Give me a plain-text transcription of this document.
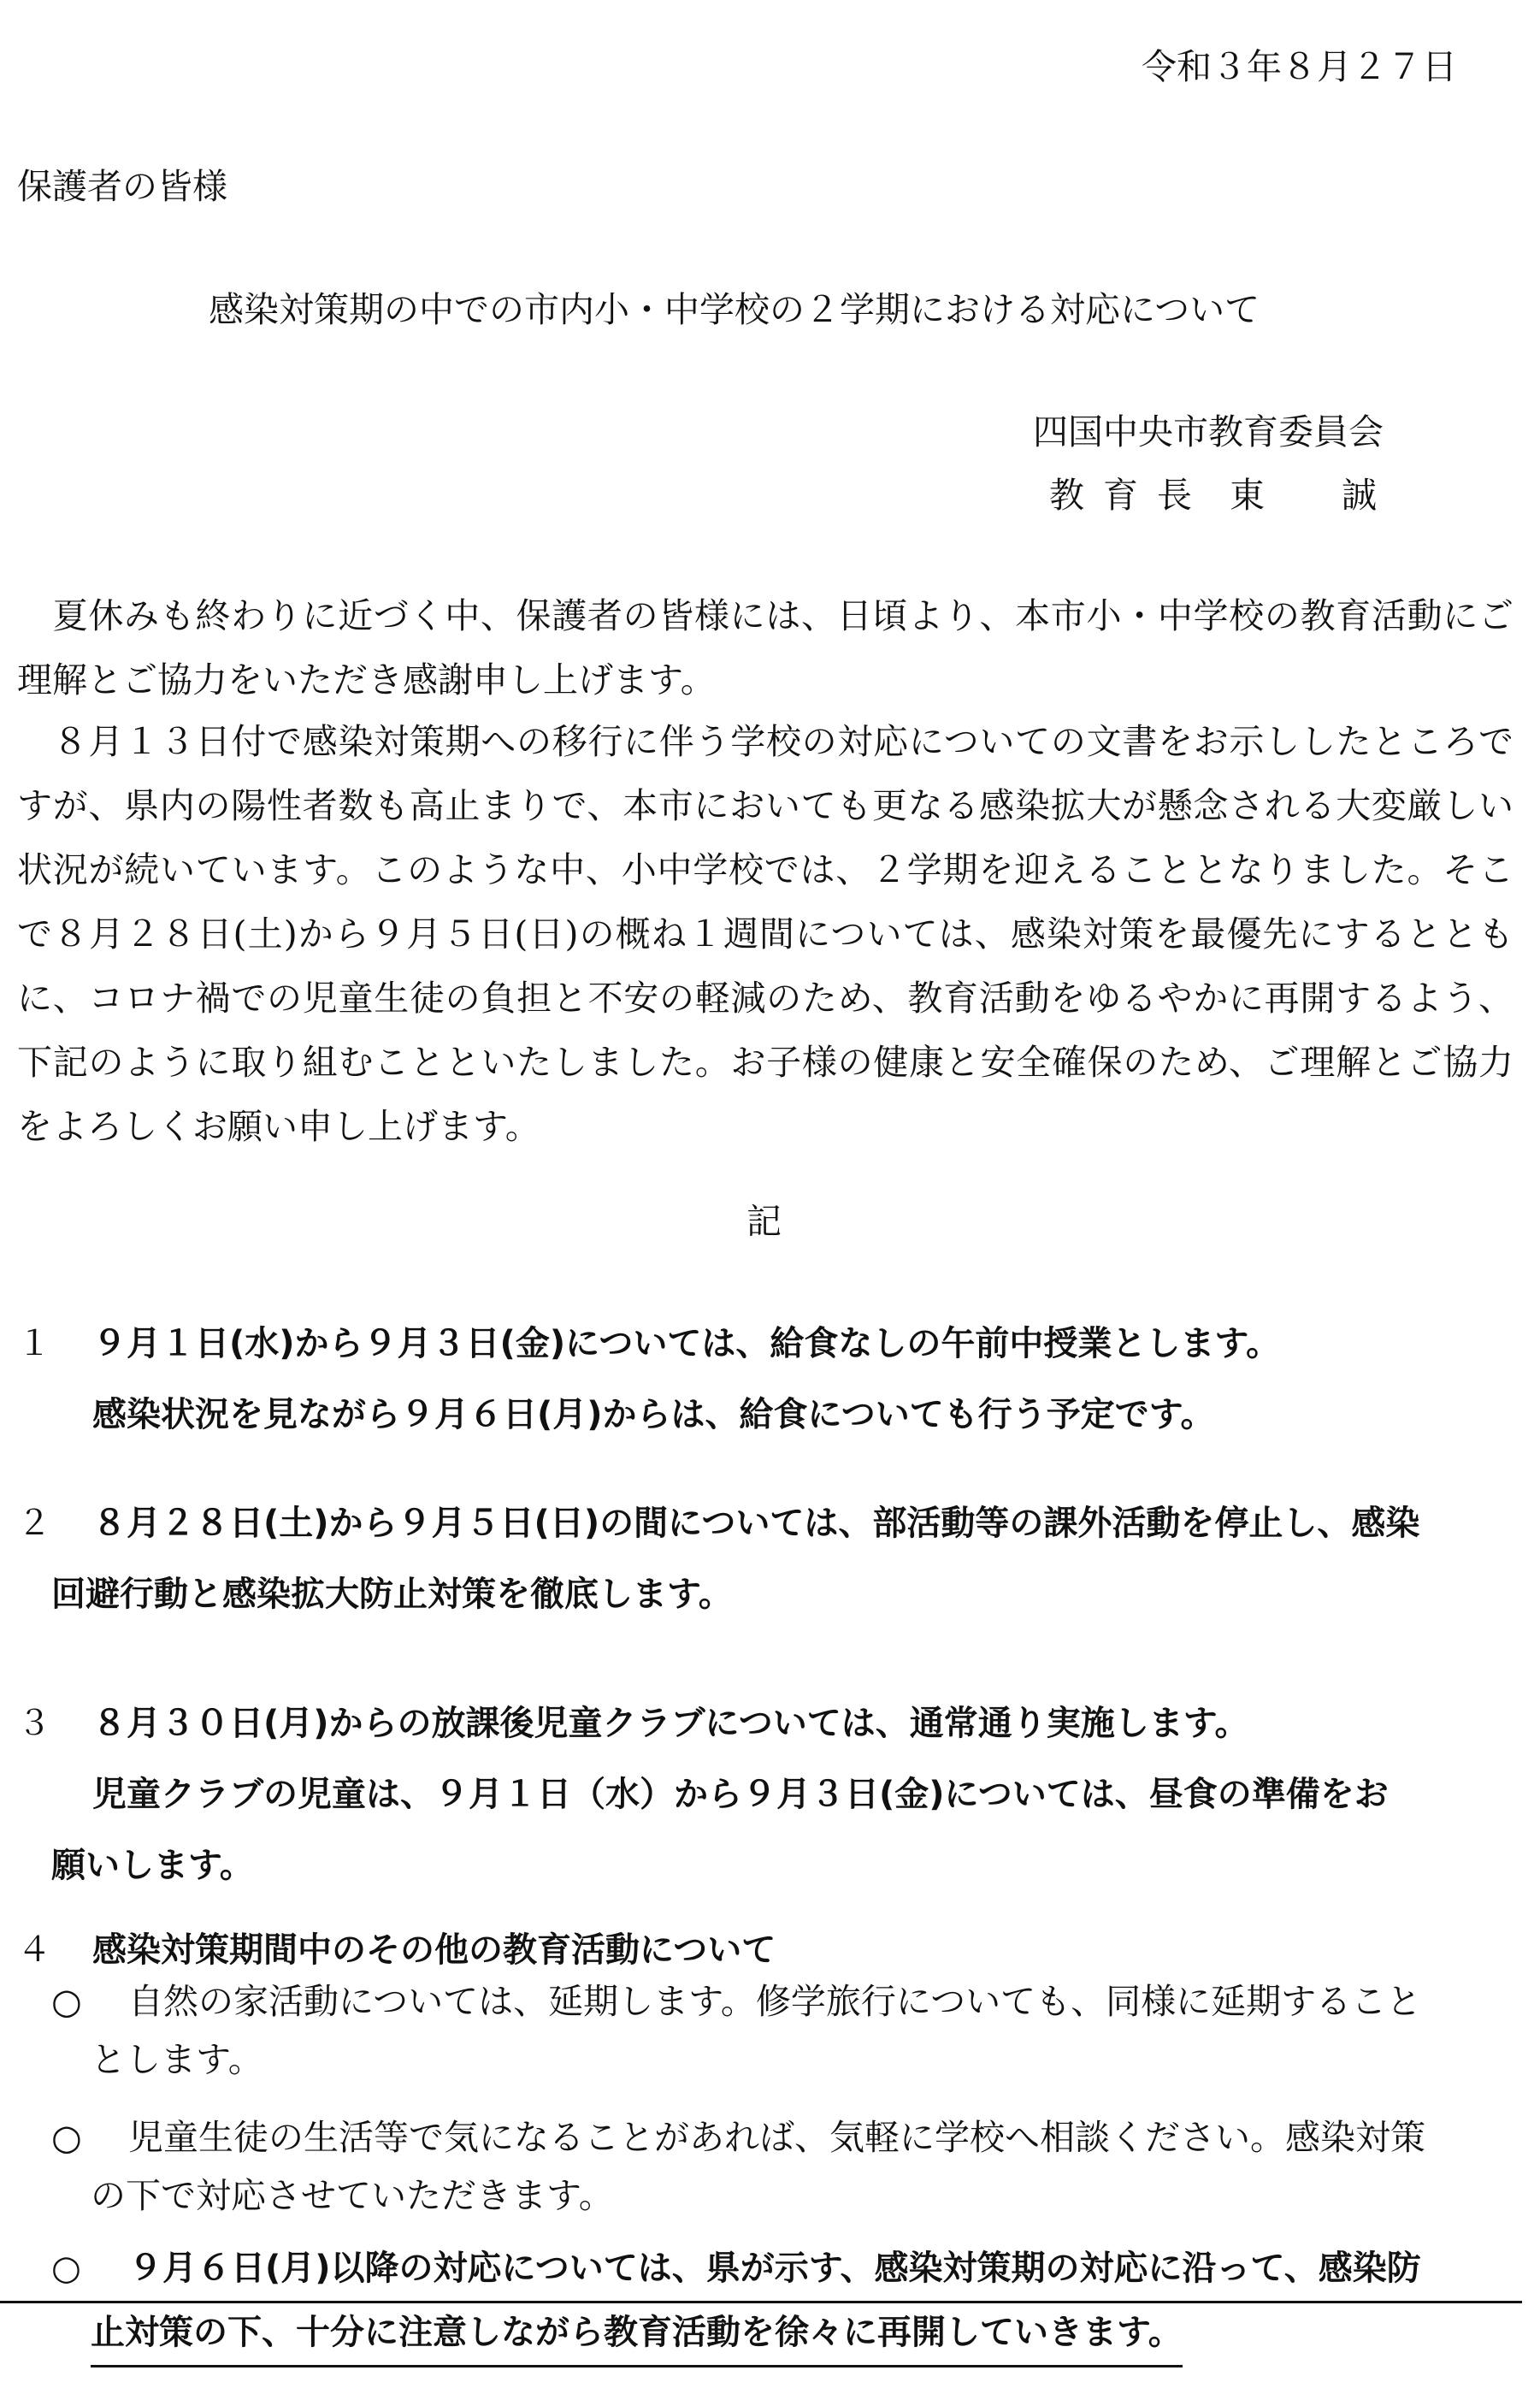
令和３年８月２７日
保護者の皆様
感染対策期の中での市内小・中学校の２学期における対応について
四国中央市教育委員会
教育長 東 誠
夏休みも終わりに近づく中、保護者の皆様には、日頃より、本市小・中学校の教育活動にご理解とご協力をいただき感謝申し上げます。
８月１３日付で感染対策期への移行に伴う学校の対応についての文書をお示ししたところですが、県内の陽性者数も高止まりで、本市においても更なる感染拡大が懸念される大変厳しい状況が続いています。このような中、小中学校では、２学期を迎えることとなりました。そこで８月２８日(土)から９月５日(日)の概ね１週間については、感染対策を最優先にするとともに、コロナ禍での児童生徒の負担と不安の軽減のため、教育活動をゆるやかに再開するよう、下記のように取り組むことといたしました。お子様の健康と安全確保のため、ご理解とご協力をよろしくお願い申し上げます。
記
１	９月１日(水)から９月３日(金)については、給食なしの午前中授業とします。
感染状況を見ながら９月６日(月)からは、給食についても行う予定です。
２	８月２８日(土)から９月５日(日)の間については、部活動等の課外活動を停止し、感染
回避行動と感染拡大防止対策を徹底します。
３	８月３０日(月)からの放課後児童クラブについては、通常通り実施します。
児童クラブの児童は、９月１日（水）から９月３日(金)については、昼食の準備をお
願いします。
４	感染対策期間中のその他の教育活動について
○ 自然の家活動については、延期します。修学旅行についても、同様に延期すること
とします。
○ 児童生徒の生活等で気になることがあれば、気軽に学校へ相談ください。感染対策
の下で対応させていただきます。
○ ９月６日(月)以降の対応については、県が示す、感染対策期の対応に沿って、感染防
止対策の下、十分に注意しながら教育活動を徐々に再開していきます。
